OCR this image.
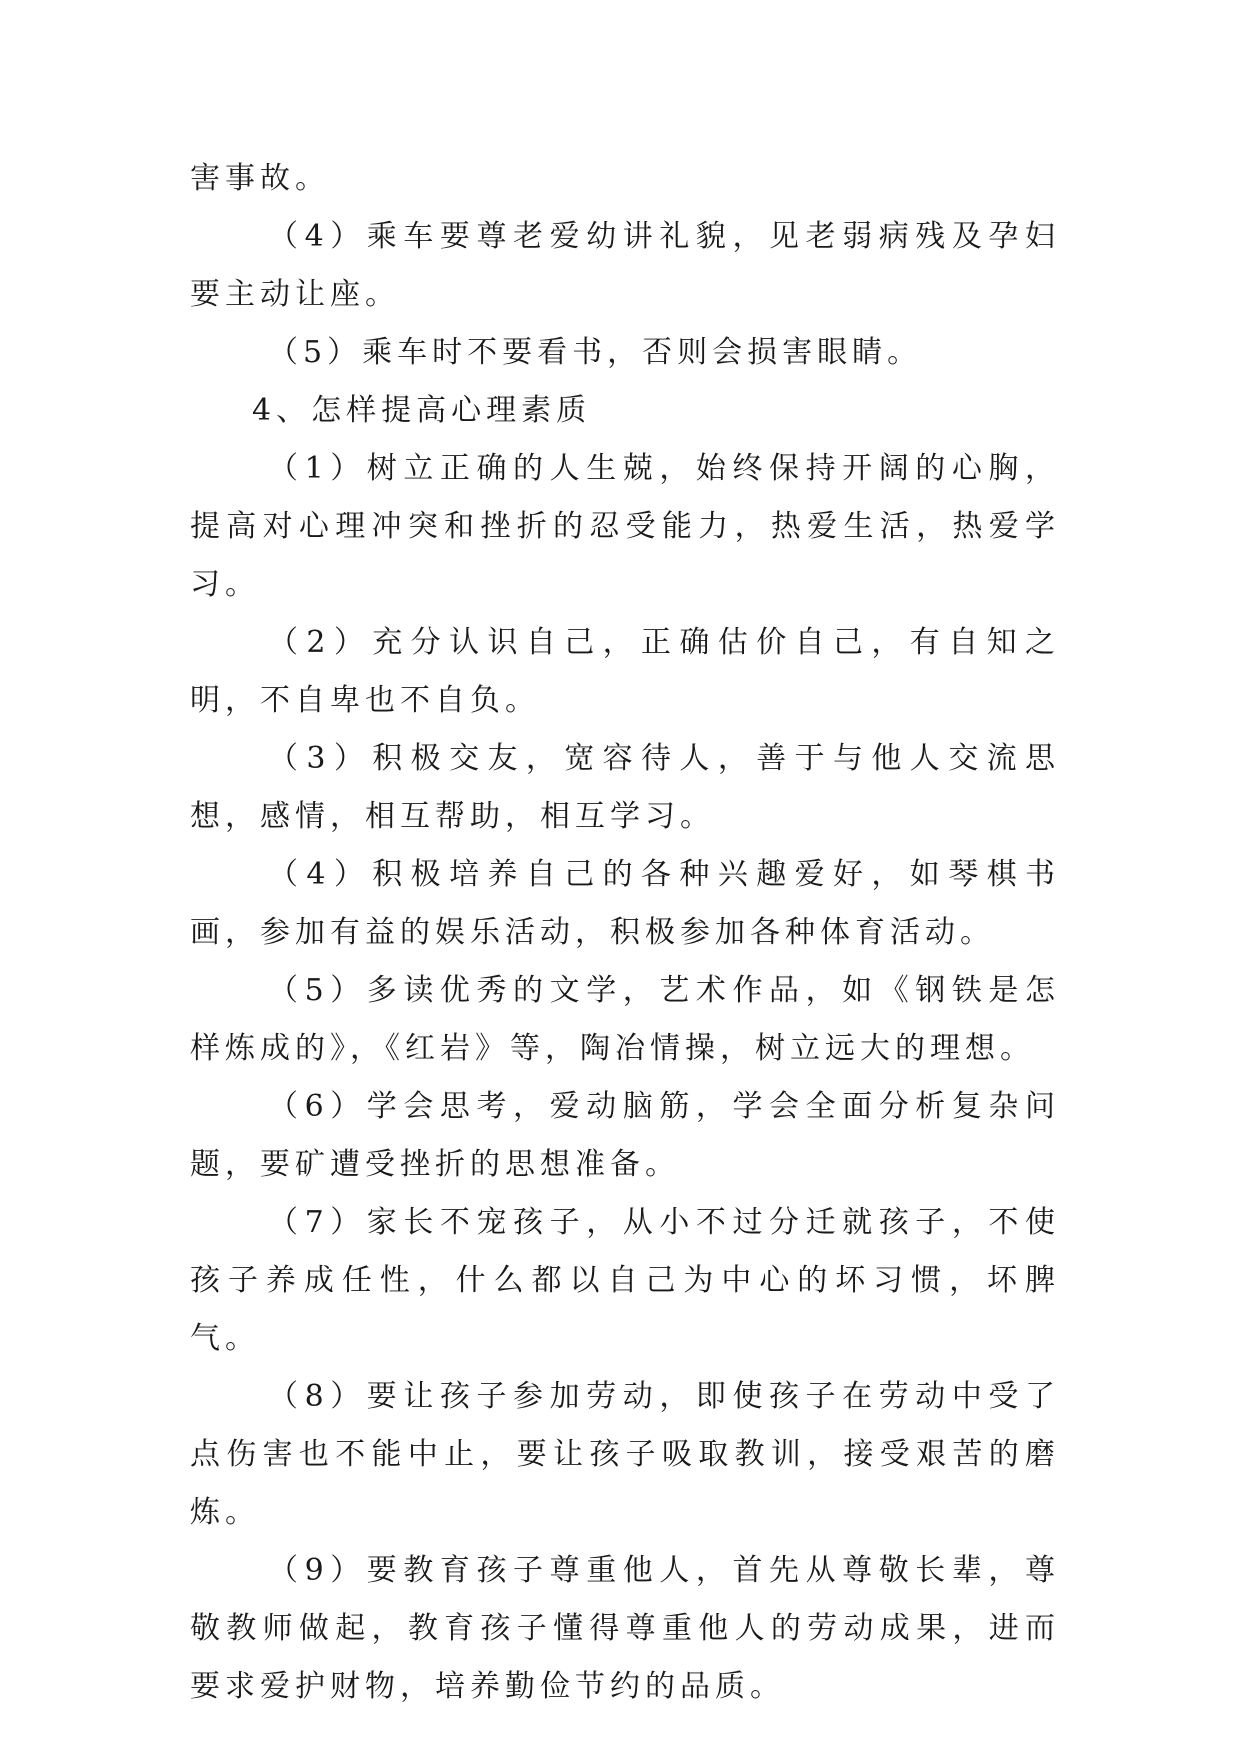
害事故。

（4）乘车要尊老爱幼讲礼貌，见老弱病残及孕妇要主动让座。

（5）乘车时不要看书，否则会损害眼睛。

4、怎样提高心理素质

（1）树立正确的人生兢，始终保持开阔的心胸，提高对心理冲突和挫折的忍受能力，热爱生活，热爱学习。

（2）充分认识自己，正确估价自己，有自知之明，不自卑也不自负。

（3）积极交友，宽容待人，善于与他人交流思想，感情，相互帮助，相互学习。

（4）积极培养自己的各种兴趣爱好，如琴棋书画，参加有益的娱乐活动，积极参加各种体育活动。

（5）多读优秀的文学，艺术作品，如《钢铁是怎样炼成的》，《红岩》等，陶冶情操，树立远大的理想。

（6）学会思考，爱动脑筋，学会全面分析复杂问题，要矿遭受挫折的思想准备。

（7）家长不宠孩子，从小不过分迁就孩子，不使孩子养成任性，什么都以自己为中心的坏习惯，坏脾气。

（8）要让孩子参加劳动，即使孩子在劳动中受了点伤害也不能中止，要让孩子吸取教训，接受艰苦的磨炼。

（9）要教育孩子尊重他人，首先从尊敬长辈，尊敬教师做起，教育孩子懂得尊重他人的劳动成果，进而要求爱护财物，培养勤俭节约的品质。
